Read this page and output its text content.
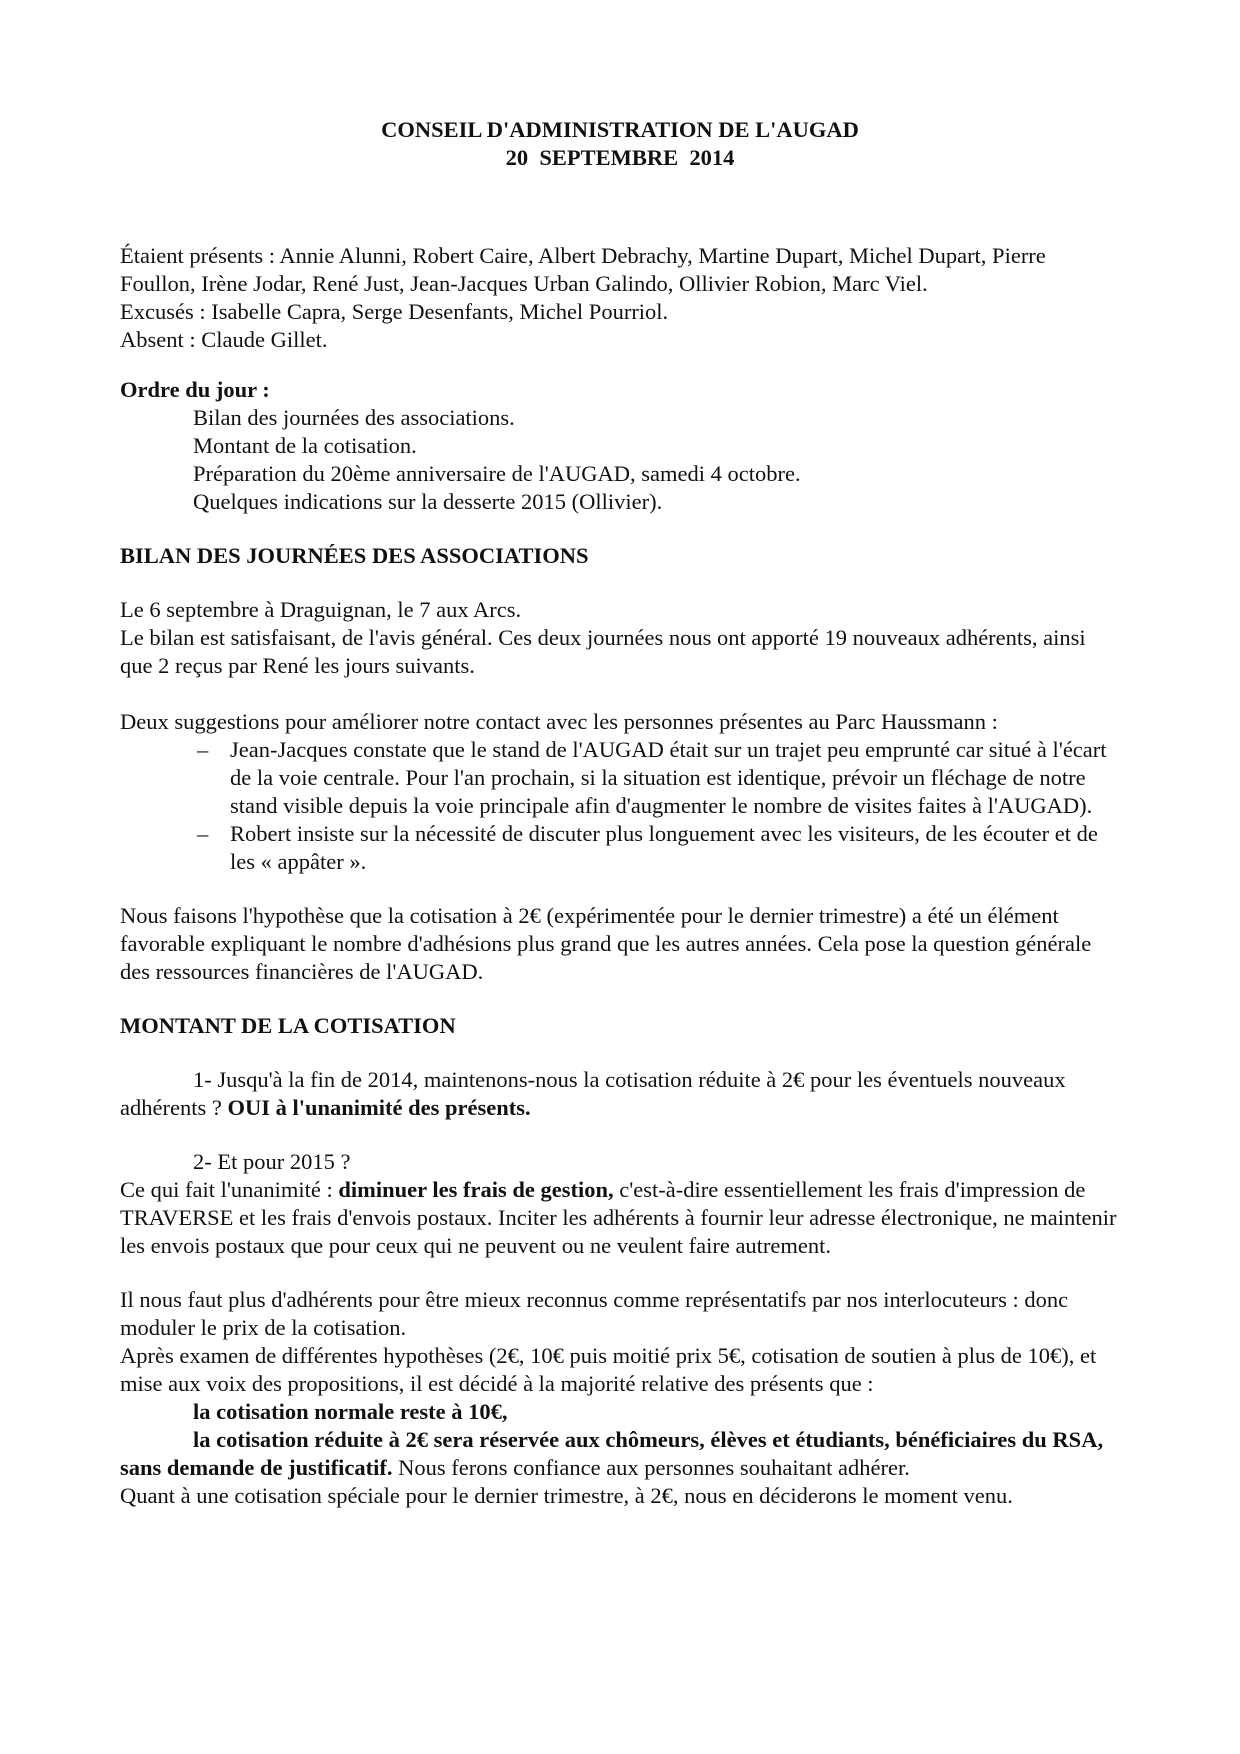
CONSEIL D'ADMINISTRATION DE L'AUGAD
20  SEPTEMBRE  2014

Étaient présents : Annie Alunni, Robert Caire, Albert Debrachy, Martine Dupart, Michel Dupart, Pierre Foullon, Irène Jodar, René Just, Jean-Jacques Urban Galindo, Ollivier Robion, Marc Viel.

Excusés : Isabelle Capra, Serge Desenfants, Michel Pourriol.

Absent : Claude Gillet.

Ordre du jour :

Bilan des journées des associations.

Montant de la cotisation.

Préparation du 20ème anniversaire de l'AUGAD, samedi 4 octobre.

Quelques indications sur la desserte 2015 (Ollivier).

BILAN DES JOURNÉES DES ASSOCIATIONS

Le 6 septembre à Draguignan, le 7 aux Arcs.

Le bilan est satisfaisant, de l'avis général. Ces deux journées nous ont apporté 19 nouveaux adhérents, ainsi que 2 reçus par René les jours suivants.

Deux suggestions pour améliorer notre contact avec les personnes présentes au Parc Haussmann :

– Jean-Jacques constate que le stand de l'AUGAD était sur un trajet peu emprunté car situé à l'écart de la voie centrale. Pour l'an prochain, si la situation est identique, prévoir un fléchage de notre stand visible depuis la voie principale afin d'augmenter le nombre de visites faites à l'AUGAD).
– Robert insiste sur la nécessité de discuter plus longuement avec les visiteurs, de les écouter et de les « appâter ».

Nous faisons l'hypothèse que la cotisation à 2€ (expérimentée pour le dernier trimestre) a été un élément favorable expliquant le nombre d'adhésions plus grand que les autres années. Cela pose la question générale des ressources financières de l'AUGAD.

MONTANT DE LA COTISATION

1- Jusqu'à la fin de 2014, maintenons-nous la cotisation réduite à 2€ pour les éventuels nouveaux adhérents ? OUI à l'unanimité des présents.

2- Et pour 2015 ?

Ce qui fait l'unanimité : diminuer les frais de gestion, c'est-à-dire essentiellement les frais d'impression de TRAVERSE et les frais d'envois postaux. Inciter les adhérents à fournir leur adresse électronique, ne maintenir les envois postaux que pour ceux qui ne peuvent ou ne veulent faire autrement.

Il nous faut plus d'adhérents pour être mieux reconnus comme représentatifs par nos interlocuteurs : donc moduler le prix de la cotisation.

Après examen de différentes hypothèses (2€, 10€ puis moitié prix 5€, cotisation de soutien à plus de 10€), et mise aux voix des propositions, il est décidé à la majorité relative des présents que :

la cotisation normale reste à 10€,

la cotisation réduite à 2€ sera réservée aux chômeurs, élèves et étudiants, bénéficiaires du RSA, sans demande de justificatif. Nous ferons confiance aux personnes souhaitant adhérer.

Quant à une cotisation spéciale pour le dernier trimestre, à 2€, nous en déciderons le moment venu.
